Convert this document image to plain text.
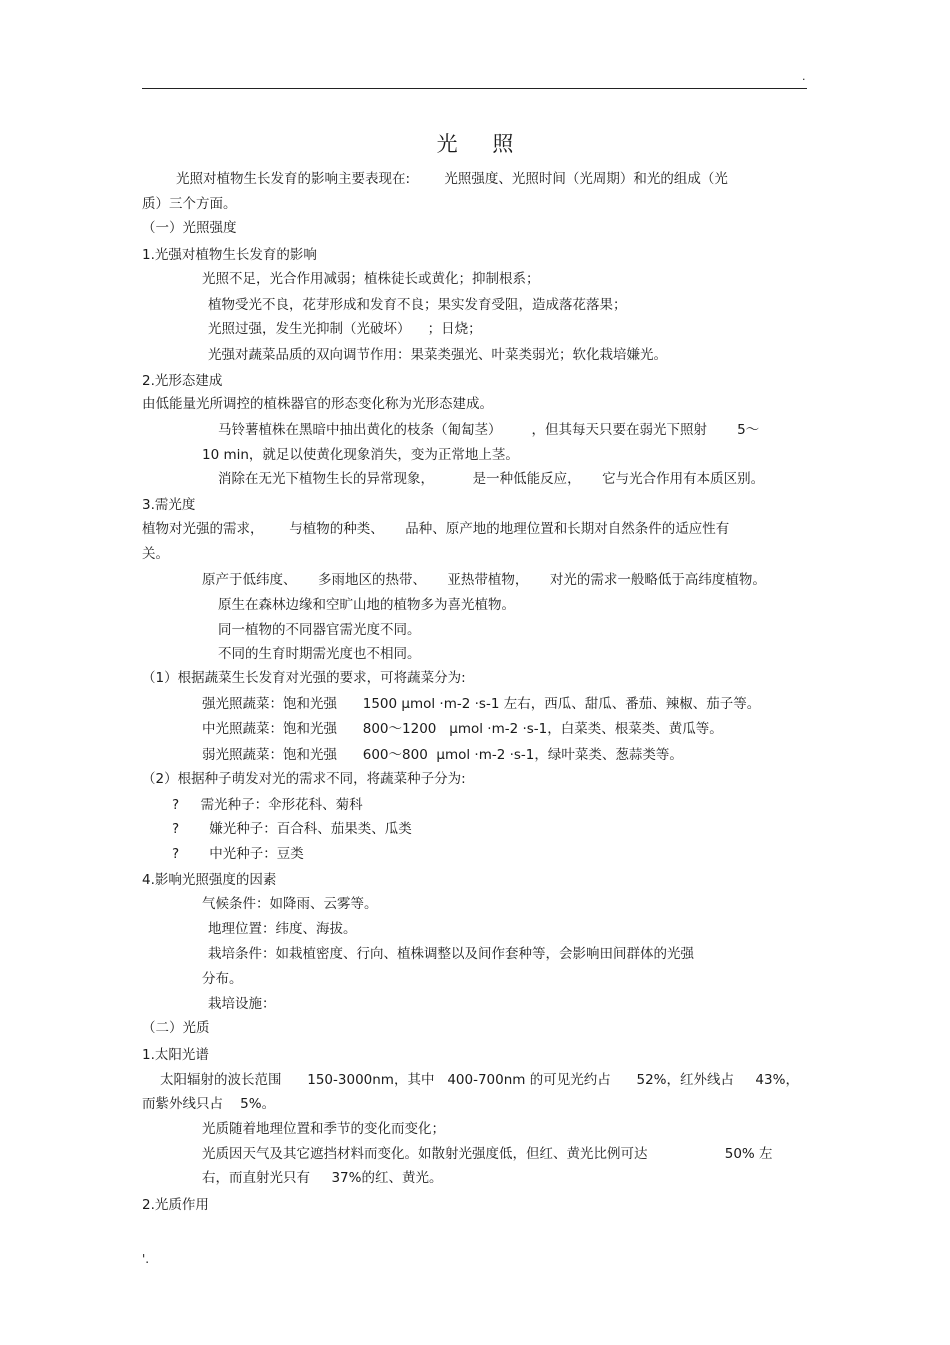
.
光 照
光照对植物生长发育的影响主要表现在:        光照强度、光照时间（光周期）和光的组成（光
质）三个方面。
（一）光照强度
1.光强对植物生长发育的影响
光照不足，光合作用减弱；植株徒长或黄化；抑制根系；
植物受光不良，花芽形成和发育不良；果实发育受阻，造成落花落果；
光照过强，发生光抑制（光破坏）    ；日烧；
光强对蔬菜品质的双向调节作用：果菜类强光、叶菜类弱光；软化栽培嫌光。
2.光形态建成
由低能量光所调控的植株器官的形态变化称为光形态建成。
马铃薯植株在黑暗中抽出黄化的枝条（匍匐茎）       ，但其每天只要在弱光下照射       5～
10 min，就足以使黄化现象消失，变为正常地上茎。
消除在无光下植物生长的异常现象，         是一种低能反应，     它与光合作用有本质区别。
3.需光度
植物对光强的需求，      与植物的种类、     品种、原产地的地理位置和长期对自然条件的适应性有
关。
原产于低纬度、     多雨地区的热带、     亚热带植物，     对光的需求一般略低于高纬度植物。
原生在森林边缘和空旷山地的植物多为喜光植物。
同一植物的不同器官需光度不同。
不同的生育时期需光度也不相同。
（1）根据蔬菜生长发育对光强的要求，可将蔬菜分为:
强光照蔬菜：饱和光强      1500 μmol ·m-2 ·s-1 左右，西瓜、甜瓜、番茄、辣椒、茄子等。
中光照蔬菜：饱和光强      800～1200   μmol ·m-2 ·s-1，白菜类、根菜类、黄瓜等。
弱光照蔬菜：饱和光强      600～800  μmol ·m-2 ·s-1，绿叶菜类、葱蒜类等。
（2）根据种子萌发对光的需求不同，将蔬菜种子分为:
?     需光种子：伞形花科、菊科
?       嫌光种子：百合科、茄果类、瓜类
?       中光种子：豆类
4.影响光照强度的因素
气候条件：如降雨、云雾等。
地理位置：纬度、海拔。
栽培条件：如栽植密度、行向、植株调整以及间作套种等，会影响田间群体的光强
分布。
栽培设施：
（二）光质
1.太阳光谱
太阳辐射的波长范围      150-3000nm，其中   400-700nm 的可见光约占      52%，红外线占     43%，
而紫外线只占    5%。
光质随着地理位置和季节的变化而变化；
光质因天气及其它遮挡材料而变化。如散射光强度低，但红、黄光比例可达                  50% 左
右，而直射光只有     37%的红、黄光。
2.光质作用
'.
